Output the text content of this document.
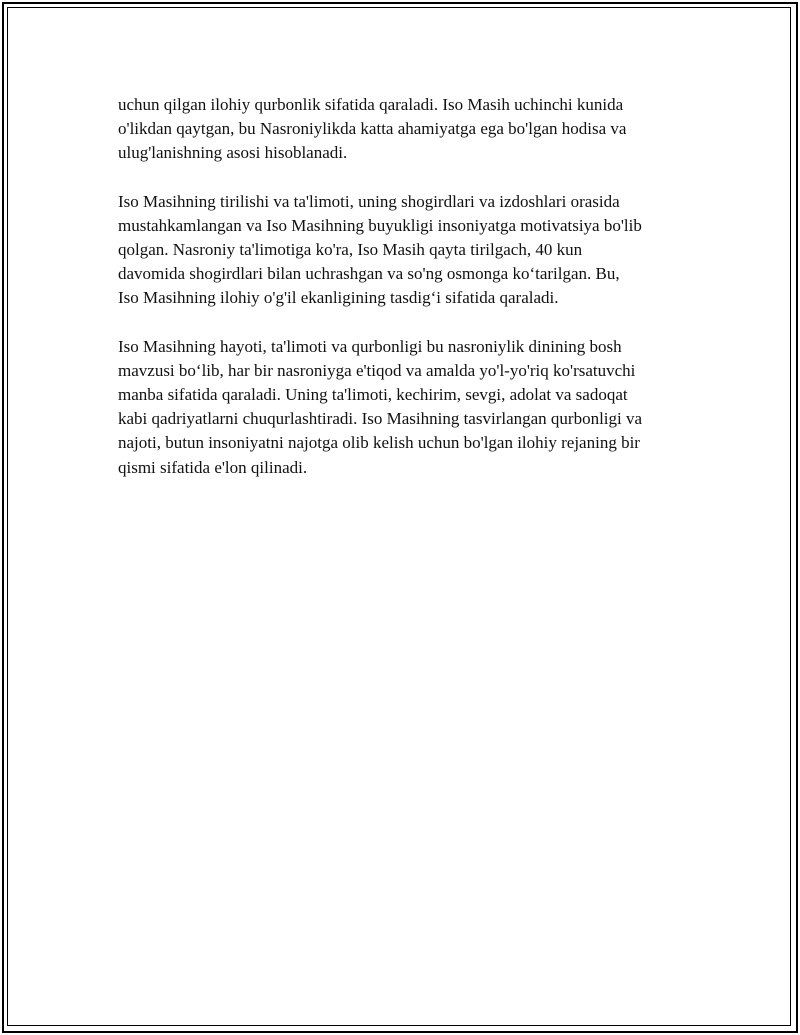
uchun qilgan ilohiy qurbonlik sifatida qaraladi. Iso Masih uchinchi kunida
o'likdan qaytgan, bu Nasroniylikda katta ahamiyatga ega bo'lgan hodisa va
ulug'lanishning asosi hisoblanadi.

Iso Masihning tirilishi va ta'limoti, uning shogirdlari va izdoshlari orasida
mustahkamlangan va Iso Masihning buyukligi insoniyatga motivatsiya bo'lib
qolgan. Nasroniy ta'limotiga ko'ra, Iso Masih qayta tirilgach, 40 kun
davomida shogirdlari bilan uchrashgan va so'ng osmonga ko‘tarilgan. Bu,
Iso Masihning ilohiy o'g'il ekanligining tasdig‘i sifatida qaraladi.

Iso Masihning hayoti, ta'limoti va qurbonligi bu nasroniylik dinining bosh
mavzusi bo‘lib, har bir nasroniyga e'tiqod va amalda yo'l-yo'riq ko'rsatuvchi
manba sifatida qaraladi. Uning ta'limoti, kechirim, sevgi, adolat va sadoqat
kabi qadriyatlarni chuqurlashtiradi. Iso Masihning tasvirlangan qurbonligi va
najoti, butun insoniyatni najotga olib kelish uchun bo'lgan ilohiy rejaning bir
qismi sifatida e'lon qilinadi.
